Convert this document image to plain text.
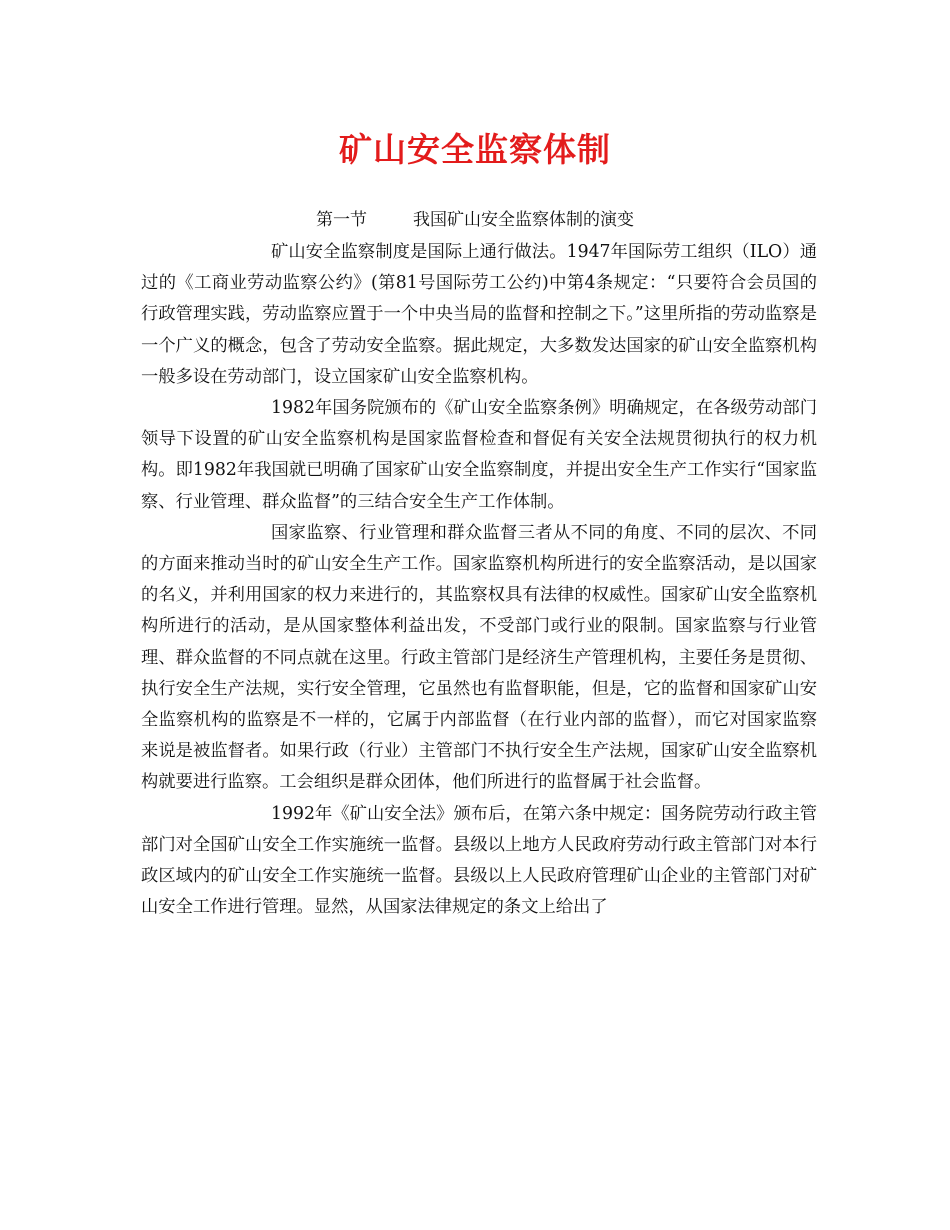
矿山安全监察体制
第一节	我国矿山安全监察体制的演变

矿山安全监察制度是国际上通行做法。1947年国际劳工组织（ILO）通过的《工商业劳动监察公约》(第81号国际劳工公约)中第4条规定：“只要符合会员国的行政管理实践，劳动监察应置于一个中央当局的监督和控制之下。”这里所指的劳动监察是一个广义的概念，包含了劳动安全监察。据此规定，大多数发达国家的矿山安全监察机构一般多设在劳动部门，设立国家矿山安全监察机构。

1982年国务院颁布的《矿山安全监察条例》明确规定，在各级劳动部门领导下设置的矿山安全监察机构是国家监督检查和督促有关安全法规贯彻执行的权力机构。即1982年我国就已明确了国家矿山安全监察制度，并提出安全生产工作实行“国家监察、行业管理、群众监督”的三结合安全生产工作体制。

国家监察、行业管理和群众监督三者从不同的角度、不同的层次、不同的方面来推动当时的矿山安全生产工作。国家监察机构所进行的安全监察活动，是以国家的名义，并利用国家的权力来进行的，其监察权具有法律的权威性。国家矿山安全监察机构所进行的活动，是从国家整体利益出发，不受部门或行业的限制。国家监察与行业管理、群众监督的不同点就在这里。行政主管部门是经济生产管理机构，主要任务是贯彻、执行安全生产法规，实行安全管理，它虽然也有监督职能，但是，它的监督和国家矿山安全监察机构的监察是不一样的，它属于内部监督（在行业内部的监督），而它对国家监察来说是被监督者。如果行政（行业）主管部门不执行安全生产法规，国家矿山安全监察机构就要进行监察。工会组织是群众团体，他们所进行的监督属于社会监督。

1992年《矿山安全法》颁布后，在第六条中规定：国务院劳动行政主管部门对全国矿山安全工作实施统一监督。县级以上地方人民政府劳动行政主管部门对本行政区域内的矿山安全工作实施统一监督。县级以上人民政府管理矿山企业的主管部门对矿山安全工作进行管理。显然，从国家法律规定的条文上给出了
